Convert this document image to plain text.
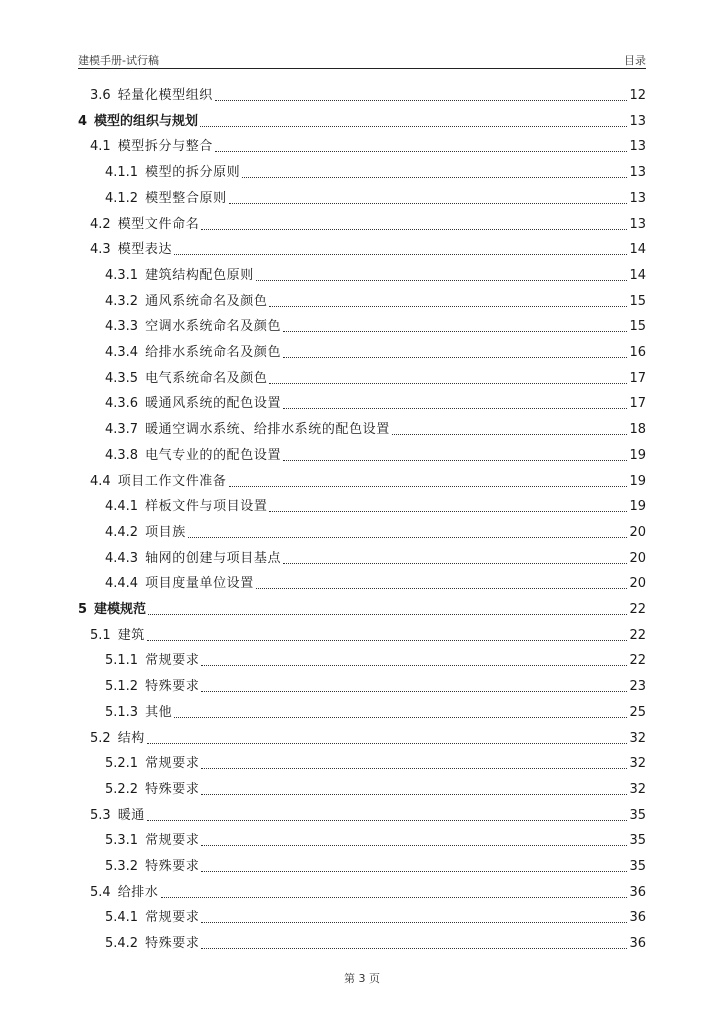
建模手册-试行稿	目录
3.6 轻量化模型组织	12
4 模型的组织与规划	13
4.1 模型拆分与整合	13
4.1.1 模型的拆分原则	13
4.1.2 模型整合原则	13
4.2 模型文件命名	13
4.3 模型表达	14
4.3.1 建筑结构配色原则	14
4.3.2 通风系统命名及颜色	15
4.3.3 空调水系统命名及颜色	15
4.3.4 给排水系统命名及颜色	16
4.3.5 电气系统命名及颜色	17
4.3.6 暖通风系统的配色设置	17
4.3.7 暖通空调水系统、给排水系统的配色设置	18
4.3.8 电气专业的的配色设置	19
4.4 项目工作文件准备	19
4.4.1 样板文件与项目设置	19
4.4.2 项目族	20
4.4.3 轴网的创建与项目基点	20
4.4.4 项目度量单位设置	20
5 建模规范	22
5.1 建筑	22
5.1.1 常规要求	22
5.1.2 特殊要求	23
5.1.3 其他	25
5.2 结构	32
5.2.1 常规要求	32
5.2.2 特殊要求	32
5.3 暖通	35
5.3.1 常规要求	35
5.3.2 特殊要求	35
5.4 给排水	36
5.4.1 常规要求	36
5.4.2 特殊要求	36
第 3 页
